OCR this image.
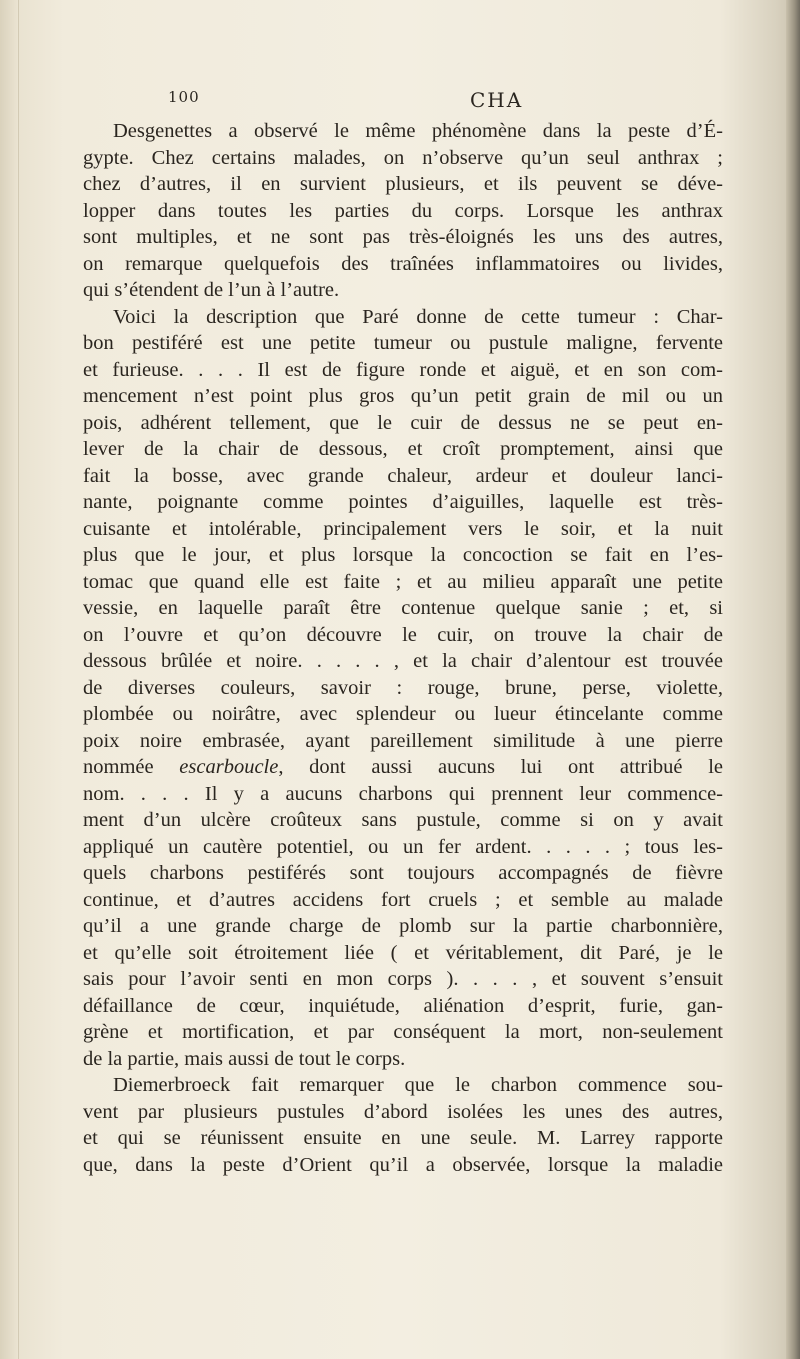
100	CHA
Desgenettes a observé le même phénomène dans la peste d’É-
gypte. Chez certains malades, on n’observe qu’un seul anthrax ;
chez d’autres, il en survient plusieurs, et ils peuvent se déve-
lopper dans toutes les parties du corps. Lorsque les anthrax
sont multiples, et ne sont pas très-éloignés les uns des autres,
on remarque quelquefois des traînées inflammatoires ou livides,
qui s’étendent de l’un à l’autre.
Voici la description que Paré donne de cette tumeur : Char-
bon pestiféré est une petite tumeur ou pustule maligne, fervente
et furieuse. . . . Il est de figure ronde et aiguë, et en son com-
mencement n’est point plus gros qu’un petit grain de mil ou un
pois, adhérent tellement, que le cuir de dessus ne se peut en-
lever de la chair de dessous, et croît promptement, ainsi que
fait la bosse, avec grande chaleur, ardeur et douleur lanci-
nante, poignante comme pointes d’aiguilles, laquelle est très-
cuisante et intolérable, principalement vers le soir, et la nuit
plus que le jour, et plus lorsque la concoction se fait en l’es-
tomac que quand elle est faite ; et au milieu apparaît une petite
vessie, en laquelle paraît être contenue quelque sanie ; et, si
on l’ouvre et qu’on découvre le cuir, on trouve la chair de
dessous brûlée et noire. . . . . , et la chair d’alentour est trouvée
de diverses couleurs, savoir : rouge, brune, perse, violette,
plombée ou noirâtre, avec splendeur ou lueur étincelante comme
poix noire embrasée, ayant pareillement similitude à une pierre
nommée escarboucle, dont aussi aucuns lui ont attribué le
nom. . . . Il y a aucuns charbons qui prennent leur commence-
ment d’un ulcère croûteux sans pustule, comme si on y avait
appliqué un cautère potentiel, ou un fer ardent. . . . . ; tous les-
quels charbons pestiférés sont toujours accompagnés de fièvre
continue, et d’autres accidens fort cruels ; et semble au malade
qu’il a une grande charge de plomb sur la partie charbonnière,
et qu’elle soit étroitement liée ( et véritablement, dit Paré, je le
sais pour l’avoir senti en mon corps ). . . . , et souvent s’ensuit
défaillance de cœur, inquiétude, aliénation d’esprit, furie, gan-
grène et mortification, et par conséquent la mort, non-seulement
de la partie, mais aussi de tout le corps.
Diemerbroeck fait remarquer que le charbon commence sou-
vent par plusieurs pustules d’abord isolées les unes des autres,
et qui se réunissent ensuite en une seule. M. Larrey rapporte
que, dans la peste d’Orient qu’il a observée, lorsque la maladie
